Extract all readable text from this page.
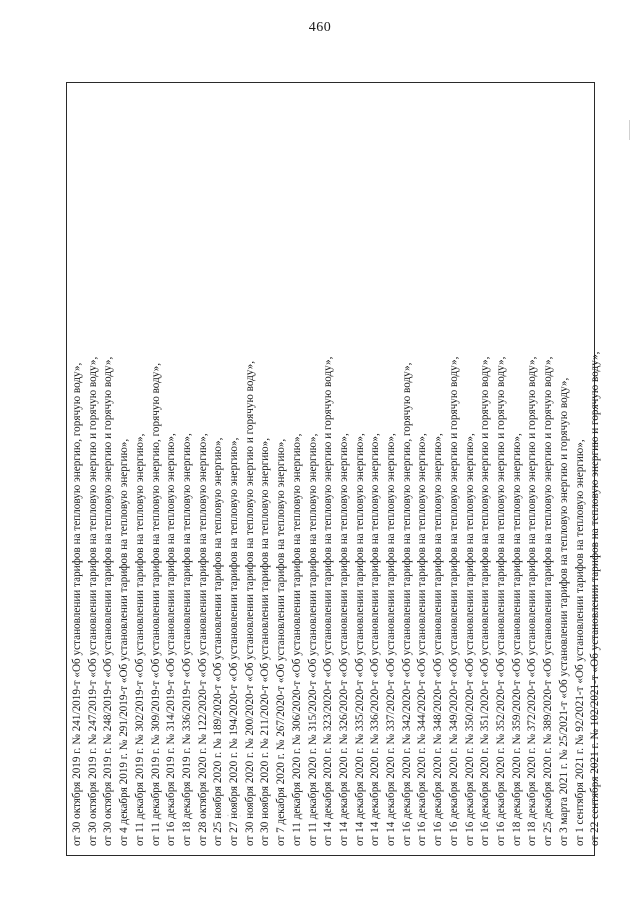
460
от 30 октября 2019 г. № 241/2019-т «Об установлении тарифов на тепловую энергию, горячую воду», от 30 октября 2019 г. № 247/2019-т «Об установлении тарифов на тепловую энергию и горячую воду», от 30 октября 2019 г. № 248/2019-т «Об установлении тарифов на тепловую энергию и горячую воду», от 4 декабря 2019 г. № 291/2019-т «Об установлении тарифов на тепловую энергию», от 11 декабря 2019 г. № 302/2019-т «Об установлении тарифов на тепловую энергию», от 11 декабря 2019 г. № 309/2019-т «Об установлении тарифов на тепловую энергию, горячую воду», от 16 декабря 2019 г. № 314/2019-т «Об установлении тарифов на тепловую энергию», от 18 декабря 2019 г. № 336/2019-т «Об установлении тарифов на тепловую энергию», от 28 октября 2020 г. № 122/2020-т «Об установлении тарифов на тепловую энергию», от 25 ноября 2020 г. № 189/2020-т «Об установлении тарифов на тепловую энергию», от 27 ноября 2020 г. № 194/2020-т «Об установлении тарифов на тепловую энергию», от 30 ноября 2020 г. № 200/2020-т «Об установлении тарифов на тепловую энергию и горячую воду», от 30 ноября 2020 г. № 211/2020-т «Об установлении тарифов на тепловую энергию», от 7 декабря 2020 г. № 267/2020-т «Об установлении тарифов на тепловую энергию», от 11 декабря 2020 г. № 306/2020-т «Об установлении тарифов на тепловую энергию», от 11 декабря 2020 г. № 315/2020-т «Об установлении тарифов на тепловую энергию», от 14 декабря 2020 г. № 323/2020-т «Об установлении тарифов на тепловую энергию и горячую воду», от 14 декабря 2020 г. № 326/2020-т «Об установлении тарифов на тепловую энергию», от 14 декабря 2020 г. № 335/2020-т «Об установлении тарифов на тепловую энергию», от 14 декабря 2020 г. № 336/2020-т «Об установлении тарифов на тепловую энергию», от 14 декабря 2020 г. № 337/2020-т «Об установлении тарифов на тепловую энергию», от 16 декабря 2020 г. № 342/2020-т «Об установлении тарифов на тепловую энергию, горячую воду», от 16 декабря 2020 г. № 344/2020-т «Об установлении тарифов на тепловую энергию», от 16 декабря 2020 г. № 348/2020-т «Об установлении тарифов на тепловую энергию», от 16 декабря 2020 г. № 349/2020-т «Об установлении тарифов на тепловую энергию и горячую воду», от 16 декабря 2020 г. № 350/2020-т «Об установлении тарифов на тепловую энергию», от 16 декабря 2020 г. № 351/2020-т «Об установлении тарифов на тепловую энергию и горячую воду», от 16 декабря 2020 г. № 352/2020-т «Об установлении тарифов на тепловую энергию и горячую воду», от 18 декабря 2020 г. № 359/2020-т «Об установлении тарифов на тепловую энергию», от 18 декабря 2020 г. № 372/2020-т «Об установлении тарифов на тепловую энергию и горячую воду», от 25 декабря 2020 г. № 389/2020-т «Об установлении тарифов на тепловую энергию и горячую воду», от 3 марта 2021 г. № 25/2021-т «Об установлении тарифов на тепловую энергию и горячую воду», от 1 сентября 2021 г. № 92/2021-т «Об установлении тарифов на тепловую энергию», от 22 сентября 2021 г. № 102/2021-т «Об установлении тарифов на тепловую энергию и горячую воду»,
